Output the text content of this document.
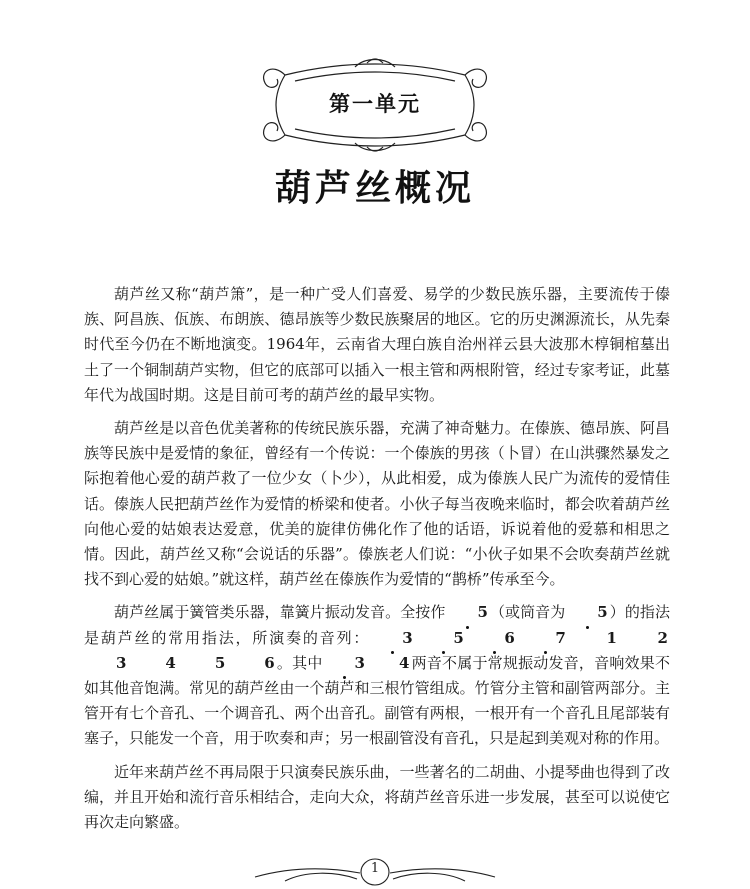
第一单元
葫芦丝概况

葫芦丝又称“葫芦箫”，是一种广受人们喜爱、易学的少数民族乐器，主要流传于傣族、阿昌族、佤族、布朗族、德昂族等少数民族聚居的地区。它的历史渊源流长，从先秦时代至今仍在不断地演变。1964年，云南省大理白族自治州祥云县大波那木椁铜棺墓出土了一个铜制葫芦实物，但它的底部可以插入一根主管和两根附管，经过专家考证，此墓年代为战国时期。这是目前可考的葫芦丝的最早实物。

葫芦丝是以音色优美著称的传统民族乐器，充满了神奇魅力。在傣族、德昂族、阿昌族等民族中是爱情的象征，曾经有一个传说：一个傣族的男孩（卜冒）在山洪骤然暴发之际抱着他心爱的葫芦救了一位少女（卜少），从此相爱，成为傣族人民广为流传的爱情佳话。傣族人民把葫芦丝作为爱情的桥梁和使者。小伙子每当夜晚来临时，都会吹着葫芦丝向他心爱的姑娘表达爱意，优美的旋律仿佛化作了他的话语，诉说着他的爱慕和相思之情。因此，葫芦丝又称“会说话的乐器”。傣族老人们说：“小伙子如果不会吹奏葫芦丝就找不到心爱的姑娘。”就这样，葫芦丝在傣族作为爱情的“鹊桥”传承至今。

葫芦丝属于簧管类乐器，靠簧片振动发音。全按作 5 （或筒音为 5 ）的指法是葫芦丝的常用指法，所演奏的音列： 3	5	6	7	1	2 3	4	5	6 。其中 3 4 两音不属于常规振动发音，音响效果不如其他音饱满。常见的葫芦丝由一个葫芦和三根竹管组成。竹管分主管和副管两部分。主管开有七个音孔、一个调音孔、两个出音孔。副管有两根，一根开有一个音孔且尾部装有塞子，只能发一个音，用于吹奏和声；另一根副管没有音孔，只是起到美观对称的作用。

近年来葫芦丝不再局限于只演奏民族乐曲，一些著名的二胡曲、小提琴曲也得到了改编，并且开始和流行音乐相结合，走向大众，将葫芦丝音乐进一步发展，甚至可以说使它再次走向繁盛。

1
